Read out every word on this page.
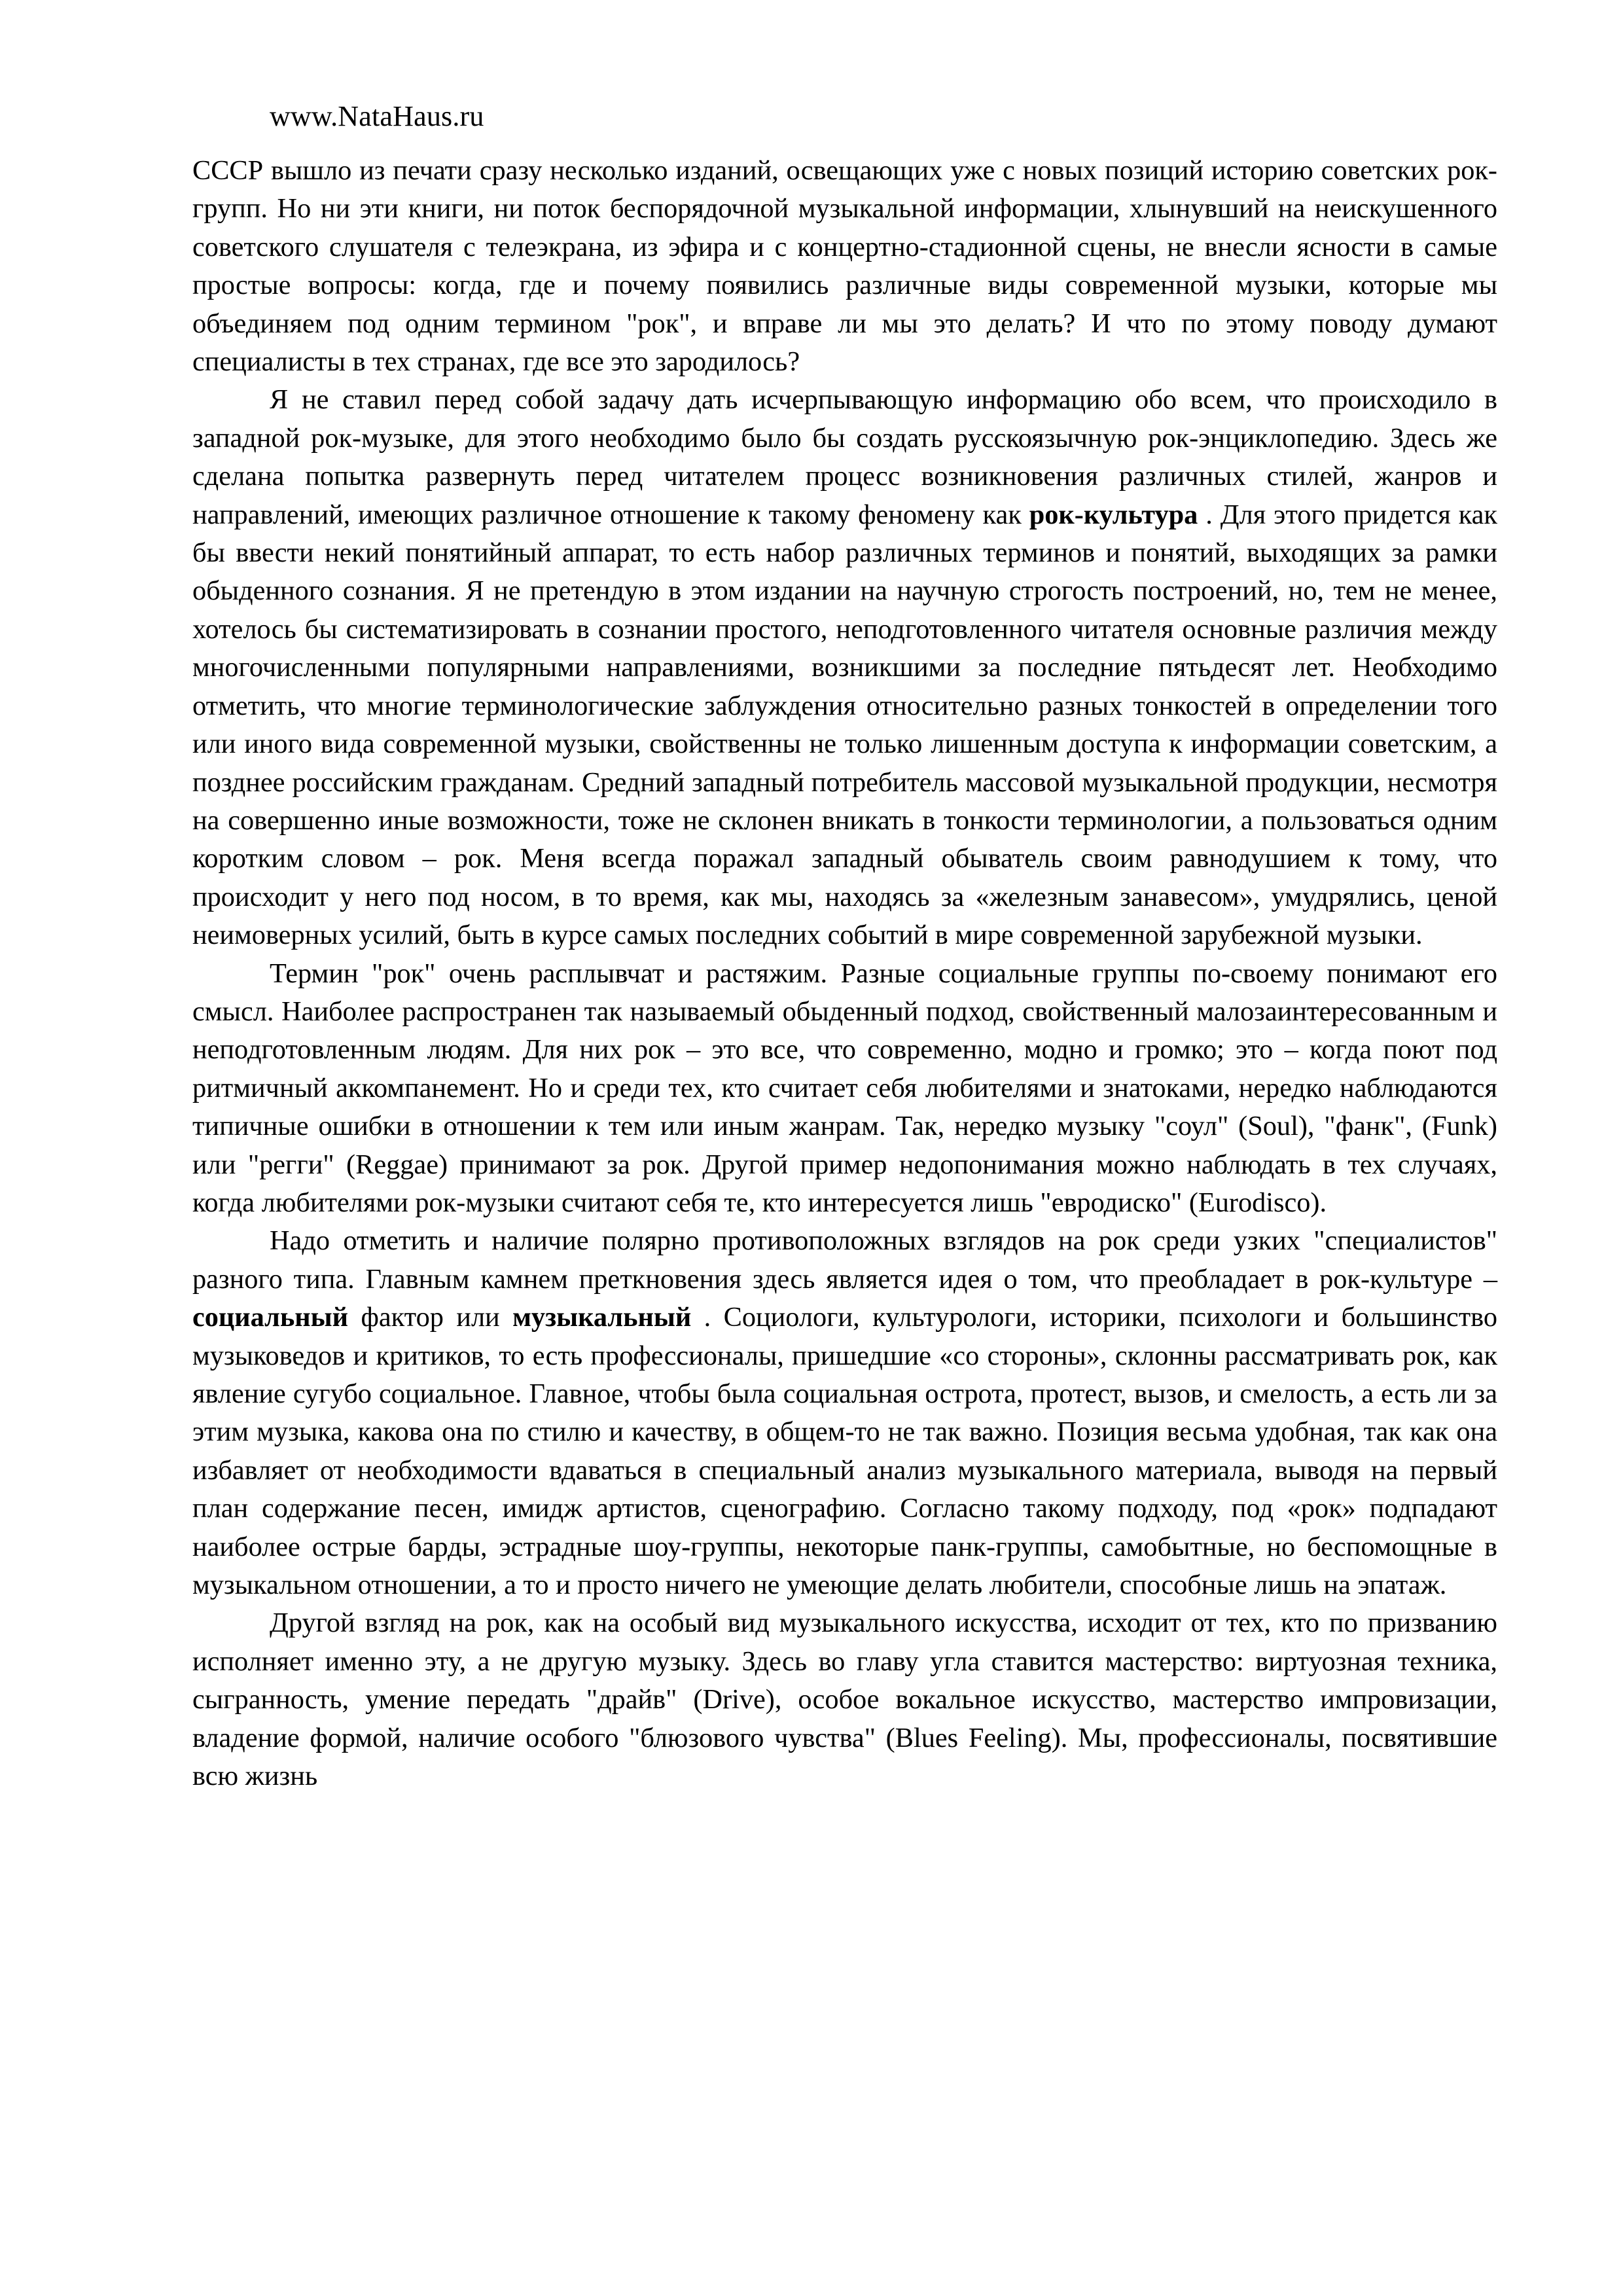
www.NataHaus.ru

СССР вышло из печати сразу несколько изданий, освещающих уже с новых позиций историю советских рок-групп. Но ни эти книги, ни поток беспорядочной музыкальной информации, хлынувший на неискушенного советского слушателя с телеэкрана, из эфира и с концертно-стадионной сцены, не внесли ясности в самые простые вопросы: когда, где и почему появились различные виды современной музыки, которые мы объединяем под одним термином "рок", и вправе ли мы это делать? И что по этому поводу думают специалисты в тех странах, где все это зародилось?

Я не ставил перед собой задачу дать исчерпывающую информацию обо всем, что происходило в западной рок-музыке, для этого необходимо было бы создать русскоязычную рок-энциклопедию. Здесь же сделана попытка развернуть перед читателем процесс возникновения различных стилей, жанров и направлений, имеющих различное отношение к такому феномену как рок-культура . Для этого придется как бы ввести некий понятийный аппарат, то есть набор различных терминов и понятий, выходящих за рамки обыденного сознания. Я не претендую в этом издании на научную строгость построений, но, тем не менее, хотелось бы систематизировать в сознании простого, неподготовленного читателя основные различия между многочисленными популярными направлениями, возникшими за последние пятьдесят лет. Необходимо отметить, что многие терминологические заблуждения относительно разных тонкостей в определении того или иного вида современной музыки, свойственны не только лишенным доступа к информации советским, а позднее российским гражданам. Средний западный потребитель массовой музыкальной продукции, несмотря на совершенно иные возможности, тоже не склонен вникать в тонкости терминологии, а пользоваться одним коротким словом – рок. Меня всегда поражал западный обыватель своим равнодушием к тому, что происходит у него под носом, в то время, как мы, находясь за «железным занавесом», умудрялись, ценой неимоверных усилий, быть в курсе самых последних событий в мире современной зарубежной музыки.

Термин "рок" очень расплывчат и растяжим. Разные социальные группы по-своему понимают его смысл. Наиболее распространен так называемый обыденный подход, свойственный малозаинтересованным и неподготовленным людям. Для них рок – это все, что современно, модно и громко; это – когда поют под ритмичный аккомпанемент. Но и среди тех, кто считает себя любителями и знатоками, нередко наблюдаются типичные ошибки в отношении к тем или иным жанрам. Так, нередко музыку "соул" (Soul), "фанк", (Funk) или "регги" (Reggae) принимают за рок. Другой пример недопонимания можно наблюдать в тех случаях, когда любителями рок-музыки считают себя те, кто интересуется лишь "евродиско" (Eurodisco).

Надо отметить и наличие полярно противоположных взглядов на рок среди узких "специалистов" разного типа. Главным камнем преткновения здесь является идея о том, что преобладает в рок-культуре – социальный фактор или музыкальный . Социологи, культурологи, историки, психологи и большинство музыковедов и критиков, то есть профессионалы, пришедшие «со стороны», склонны рассматривать рок, как явление сугубо социальное. Главное, чтобы была социальная острота, протест, вызов, и смелость, а есть ли за этим музыка, какова она по стилю и качеству, в общем-то не так важно. Позиция весьма удобная, так как она избавляет от необходимости вдаваться в специальный анализ музыкального материала, выводя на первый план содержание песен, имидж артистов, сценографию. Согласно такому подходу, под «рок» подпадают наиболее острые барды, эстрадные шоу-группы, некоторые панк-группы, самобытные, но беспомощные в музыкальном отношении, а то и просто ничего не умеющие делать любители, способные лишь на эпатаж.

Другой взгляд на рок, как на особый вид музыкального искусства, исходит от тех, кто по призванию исполняет именно эту, а не другую музыку. Здесь во главу угла ставится мастерство: виртуозная техника, сыгранность, умение передать "драйв" (Drive), особое вокальное искусство, мастерство импровизации, владение формой, наличие особого "блюзового чувства" (Blues Feeling). Мы, профессионалы, посвятившие всю жизнь
